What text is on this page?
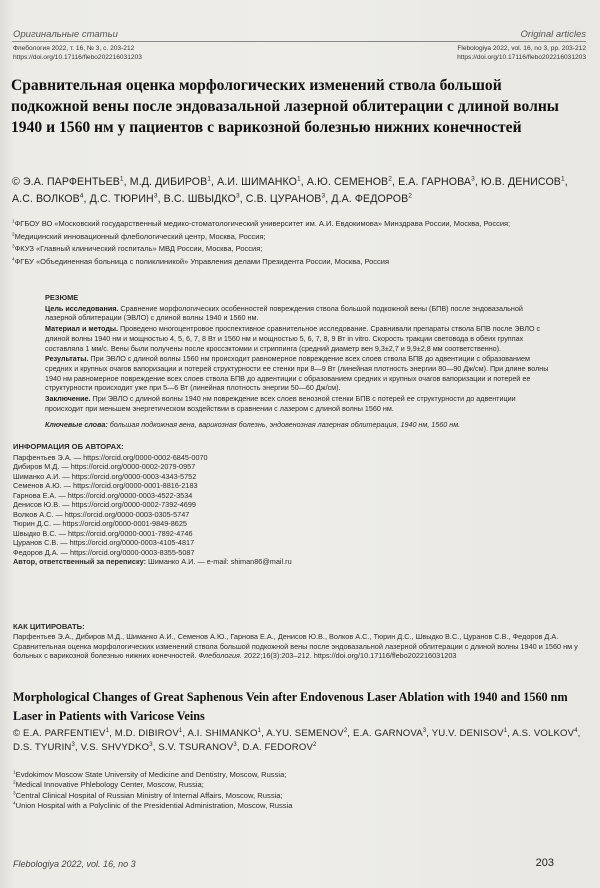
Оригинальные статьи	Original articles
Флебология 2022, т. 16, № 3, с. 203-212
https://doi.org/10.17116/flebo202216031203
Flebologiya 2022, vol. 16, no 3, pp. 203-212
https://doi.org/10.17116/flebo202216031203
Сравнительная оценка морфологических изменений ствола большой подкожной вены после эндовазальной лазерной облитерации с длиной волны 1940 и 1560 нм у пациентов с варикозной болезнью нижних конечностей
© Э.А. ПАРФЕНТЬЕВ$^1$, М.Д. ДИБИРОВ$^1$, А.И. ШИМАНКО$^1$, А.Ю. СЕМЕНОВ$^2$, Е.А. ГАРНОВА$^3$, Ю.В. ДЕНИСОВ$^1$, А.С. ВОЛКОВ$^4$, Д.С. ТЮРИН$^3$, В.С. ШВЫДКО$^3$, С.В. ЦУРАНОВ$^3$, Д.А. ФЕДОРОВ$^2$
$^1$ФГБОУ ВО «Московский государственный медико-стоматологический университет им. А.И. Евдокимова» Минздрава России, Москва, Россия;
$^2$Медицинский инновационный флебологический центр, Москва, Россия;
$^3$ФКУЗ «Главный клинический госпиталь» МВД России, Москва, Россия;
$^4$ФГБУ «Объединенная больница с поликлиникой» Управления делами Президента России, Москва, Россия
РЕЗЮМЕ

Цель исследования. Сравнение морфологических особенностей повреждения ствола большой подкожной вены (БПВ) после эндовазальной лазерной облитерации (ЭВЛО) с длиной волны 1940 и 1560 нм.

Материал и методы. Проведено многоцентровое проспективное сравнительное исследование. Сравнивали препараты ствола БПВ после ЭВЛО с длиной волны 1940 нм и мощностью 4, 5, 6, 7, 8 Вт и 1560 нм и мощностью 5, 6, 7, 8, 9 Вт in vitro. Скорость тракции световода в обеих группах составляла 1 мм/с. Вены были получены после кроссэктомии и стриппинга (средний диаметр вен 9,3±2,7 и 9,9±2,8 мм соответственно).

Результаты. При ЭВЛО с длиной волны 1560 нм происходит равномерное повреждение всех слоев ствола БПВ до адвентиции с образованием средних и крупных очагов вапоризации и потерей структурности ее стенки при 8—9 Вт (линейная плотность энергии 80—90 Дж/см). При длине волны 1940 нм равномерное повреждение всех слоев ствола БПВ до адвентиции с образованием средних и крупных очагов вапоризации и потерей ее структурности происходит уже при 5—6 Вт (линейная плотность энергии 50—60 Дж/см).

Заключение. При ЭВЛО с длиной волны 1940 нм повреждение всех слоев венозной стенки БПВ с потерей ее структурности до адвентиции происходит при меньшем энергетическом воздействии в сравнении с лазером с длиной волны 1560 нм.

Ключевые слова: большая подкожная вена, варикозная болезнь, эндовенозная лазерная облитерация, 1940 нм, 1560 нм.
ИНФОРМАЦИЯ ОБ АВТОРАХ:
Парфентьев Э.А. — https://orcid.org/0000-0002-6845-0070
Дибиров М.Д. — https://orcid.org/0000-0002-2079-0957
Шиманко А.И. — https://orcid.org/0000-0003-4343-5752
Семенов А.Ю. — https://orcid.org/0000-0001-8816-2183
Гарнова Е.А. — https://orcid.org/0000-0003-4522-3534
Денисов Ю.В. — https://orcid.org/0000-0002-7392-4699
Волков А.С. — https://orcid.org/0000-0003-0305-5747
Тюрин Д.С. — https://orcid.org/0000-0001-9849-8625
Швыдко В.С. — https://orcid.org/0000-0001-7892-4746
Цуранов С.В. — https://orcid.org/0000-0003-4105-4817
Федоров Д.А. — https://orcid.org/0000-0003-8355-5087
Автор, ответственный за переписку: Шиманко А.И. — e-mail: shiman86@mail.ru
КАК ЦИТИРОВАТЬ:
Парфентьев Э.А., Дибиров М.Д., Шиманко А.И., Семенов А.Ю., Гарнова Е.А., Денисов Ю.В., Волков А.С., Тюрин Д.С., Швыдко В.С., Цуранов С.В., Федоров Д.А. Сравнительная оценка морфологических изменений ствола большой подкожной вены после эндовазальной лазерной облитерации с длиной волны 1940 и 1560 нм у больных с варикозной болезнью нижних конечностей. Флебология. 2022;16(3):203–212. https://doi.org/10.17116/flebo202216031203
Morphological Changes of Great Saphenous Vein after Endovenous Laser Ablation with 1940 and 1560 nm Laser in Patients with Varicose Veins
© E.A. PARFENTIEV$^1$, M.D. DIBIROV$^1$, A.I. SHIMANKO$^1$, A.YU. SEMENOV$^2$, E.A. GARNOVA$^3$, YU.V. DENISOV$^1$, A.S. VOLKOV$^4$, D.S. TYURIN$^3$, V.S. SHVYDKO$^3$, S.V. TSURANOV$^3$, D.A. FEDOROV$^2$
$^1$Evdokimov Moscow State University of Medicine and Dentistry, Moscow, Russia;
$^2$Medical Innovative Phlebology Center, Moscow, Russia;
$^3$Central Clinical Hospital of Russian Ministry of Internal Affairs, Moscow, Russia;
$^4$Union Hospital with a Polyclinic of the Presidential Administration, Moscow, Russia
Flebologiya 2022, vol. 16, no 3	203
